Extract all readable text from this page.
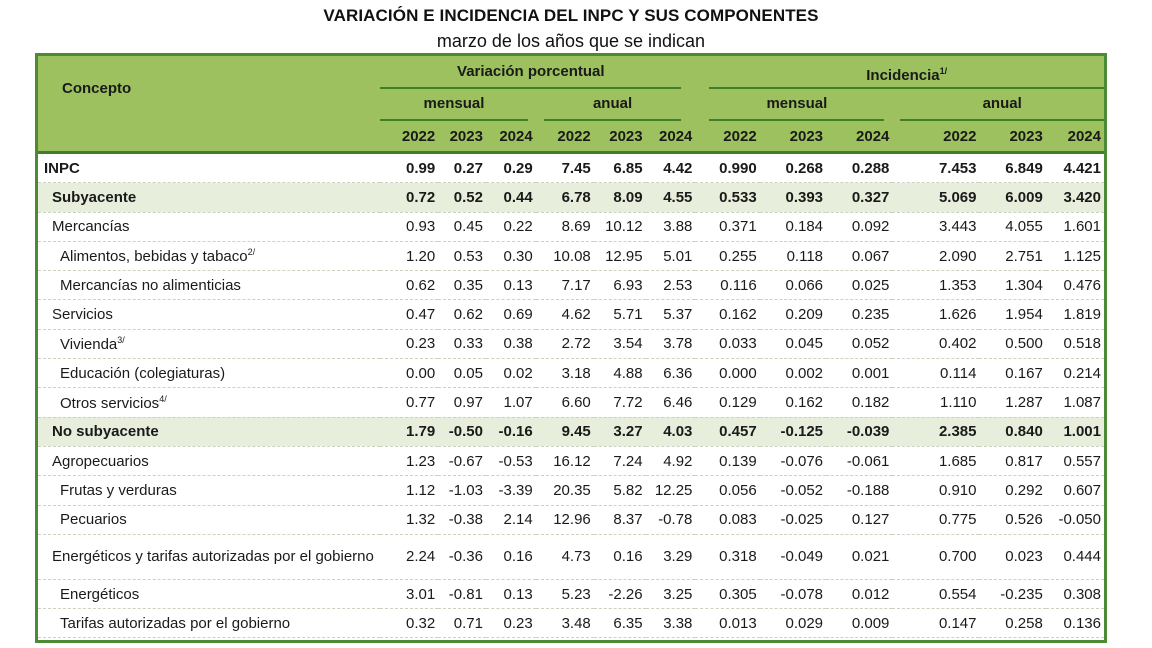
VARIACIÓN E INCIDENCIA DEL INPC Y SUS COMPONENTES
marzo de los años que se indican
Concepto	Variación porcentual						Incidencia$^{1/}$

	mensual			anual			mensual			anual		

	2022	2023	2024	2022	2023	2024	2022	2023	2024	2022	2023	2024
INPC	0.99	0.27	0.29	7.45	6.85	4.42	0.990	0.268	0.288	7.453	6.849	4.421
Subyacente	0.72	0.52	0.44	6.78	8.09	4.55	0.533	0.393	0.327	5.069	6.009	3.420
Mercancías	0.93	0.45	0.22	8.69	10.12	3.88	0.371	0.184	0.092	3.443	4.055	1.601
Alimentos, bebidas y tabaco$^{2/}$	1.20	0.53	0.30	10.08	12.95	5.01	0.255	0.118	0.067	2.090	2.751	1.125
Mercancías no alimenticias	0.62	0.35	0.13	7.17	6.93	2.53	0.116	0.066	0.025	1.353	1.304	0.476
Servicios	0.47	0.62	0.69	4.62	5.71	5.37	0.162	0.209	0.235	1.626	1.954	1.819
Vivienda$^{3/}$	0.23	0.33	0.38	2.72	3.54	3.78	0.033	0.045	0.052	0.402	0.500	0.518
Educación (colegiaturas)	0.00	0.05	0.02	3.18	4.88	6.36	0.000	0.002	0.001	0.114	0.167	0.214
Otros servicios$^{4/}$	0.77	0.97	1.07	6.60	7.72	6.46	0.129	0.162	0.182	1.110	1.287	1.087
No subyacente	1.79	-0.50	-0.16	9.45	3.27	4.03	0.457	-0.125	-0.039	2.385	0.840	1.001
Agropecuarios	1.23	-0.67	-0.53	16.12	7.24	4.92	0.139	-0.076	-0.061	1.685	0.817	0.557
Frutas y verduras	1.12	-1.03	-3.39	20.35	5.82	12.25	0.056	-0.052	-0.188	0.910	0.292	0.607
Pecuarios	1.32	-0.38	2.14	12.96	8.37	-0.78	0.083	-0.025	0.127	0.775	0.526	-0.050
Energéticos y tarifas autorizadas por el gobierno	2.24	-0.36	0.16	4.73	0.16	3.29	0.318	-0.049	0.021	0.700	0.023	0.444
Energéticos	3.01	-0.81	0.13	5.23	-2.26	3.25	0.305	-0.078	0.012	0.554	-0.235	0.308
Tarifas autorizadas por el gobierno	0.32	0.71	0.23	3.48	6.35	3.38	0.013	0.029	0.009	0.147	0.258	0.136
